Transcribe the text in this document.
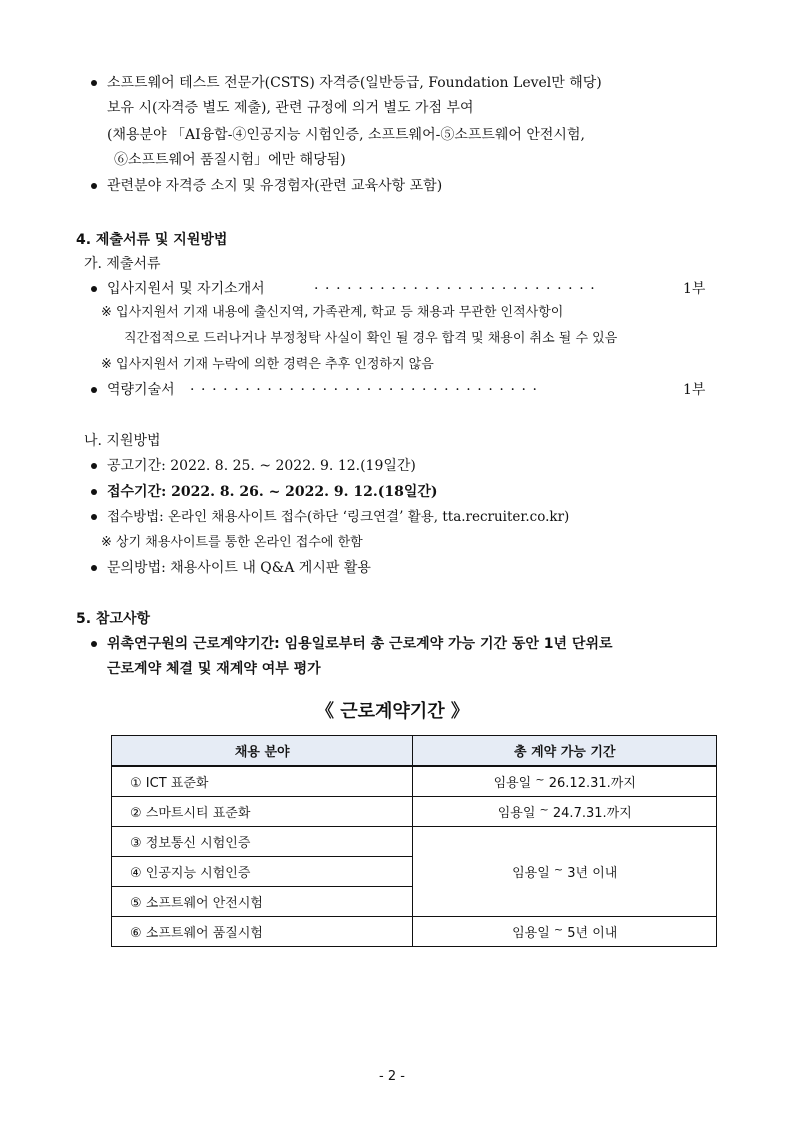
소프트웨어 테스트 전문가(CSTS) 자격증(일반등급, Foundation Level만 해당)
보유 시(자격증 별도 제출), 관련 규정에 의거 별도 가점 부여
(채용분야 「AI융합-④인공지능 시험인증, 소프트웨어-⑤소프트웨어 안전시험,
⑥소프트웨어 품질시험」에만 해당됨)
관련분야 자격증 소지 및 유경험자(관련 교육사항 포함)
4. 제출서류 및 지원방법
가. 제출서류
입사지원서 및 자기소개서	··························	1부
※ 입사지원서 기재 내용에 출신지역, 가족관계, 학교 등 채용과 무관한 인적사항이
직간접적으로 드러나거나 부정청탁 사실이 확인 될 경우 합격 및 채용이 취소 될 수 있음
※ 입사지원서 기재 누락에 의한 경력은 추후 인정하지 않음
역량기술서 ································	1부
나. 지원방법
공고기간: 2022. 8. 25. ~ 2022. 9. 12.(19일간)
접수기간: 2022. 8. 26. ~ 2022. 9. 12.(18일간)
접수방법: 온라인 채용사이트 접수(하단 ‘링크연결’ 활용, tta.recruiter.co.kr)
※ 상기 채용사이트를 통한 온라인 접수에 한함
문의방법: 채용사이트 내 Q&A 게시판 활용
5. 참고사항
위촉연구원의 근로계약기간: 임용일로부터 총 근로계약 가능 기간 동안 1년 단위로
근로계약 체결 및 재계약 여부 평가
《 근로계약기간 》
채용 분야	총 계약 가능 기간
① ICT 표준화	임용일 ~ 26.12.31.까지
② 스마트시티 표준화	임용일 ~ 24.7.31.까지
③ 정보통신 시험인증	임용일 ~ 3년 이내
④ 인공지능 시험인증	
⑤ 소프트웨어 안전시험	
⑥ 소프트웨어 품질시험	임용일 ~ 5년 이내
- 2 -
